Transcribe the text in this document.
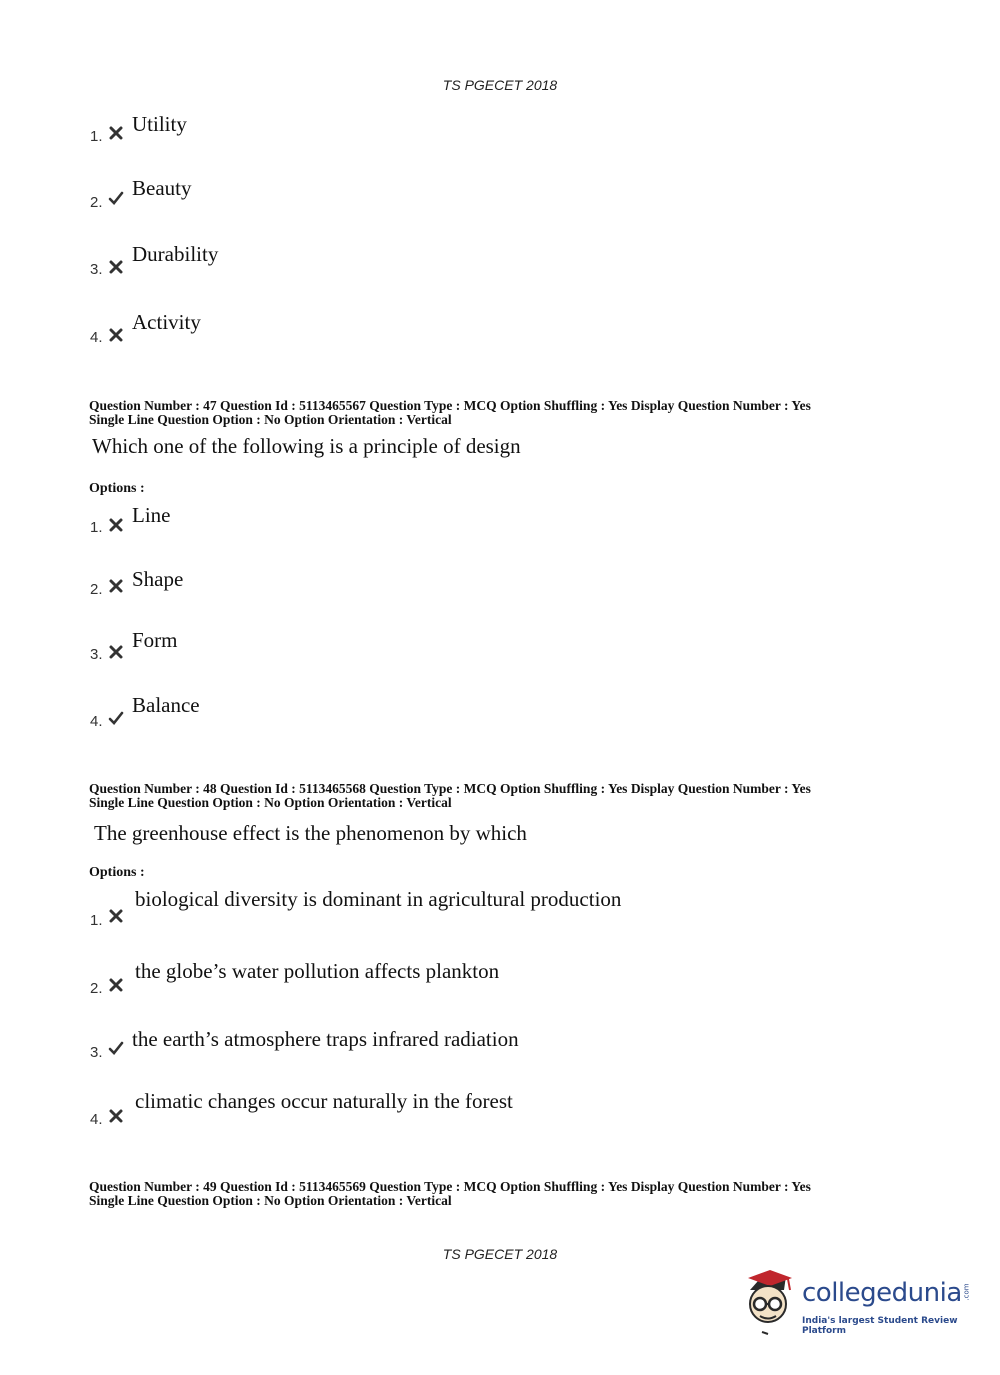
TS PGECET 2018
1.
Utility
2.
Beauty
3.
Durability
4.
Activity
Question Number : 47 Question Id : 5113465567 Question Type : MCQ Option Shuffling : Yes Display Question Number : Yes
Single Line Question Option : No Option Orientation : Vertical
Which one of the following is a principle of design
Options :
1.
Line
2. Shape
3.
Form
4.
Balance
Question Number : 48 Question Id : 5113465568 Question Type : MCQ Option Shuffling : Yes Display Question Number : Yes
Single Line Question Option : No Option Orientation : Vertical
The greenhouse effect is the phenomenon by which
Options :
1.
biological diversity is dominant in agricultural production
2.
the globe’s water pollution affects plankton
3.
the earth’s atmosphere traps infrared radiation
4.
climatic changes occur naturally in the forest
Question Number : 49 Question Id : 5113465569 Question Type : MCQ Option Shuffling : Yes Display Question Number : Yes
Single Line Question Option : No Option Orientation : Vertical
TS PGECET 2018
collegedunia .com
India's largest Student Review Platform
